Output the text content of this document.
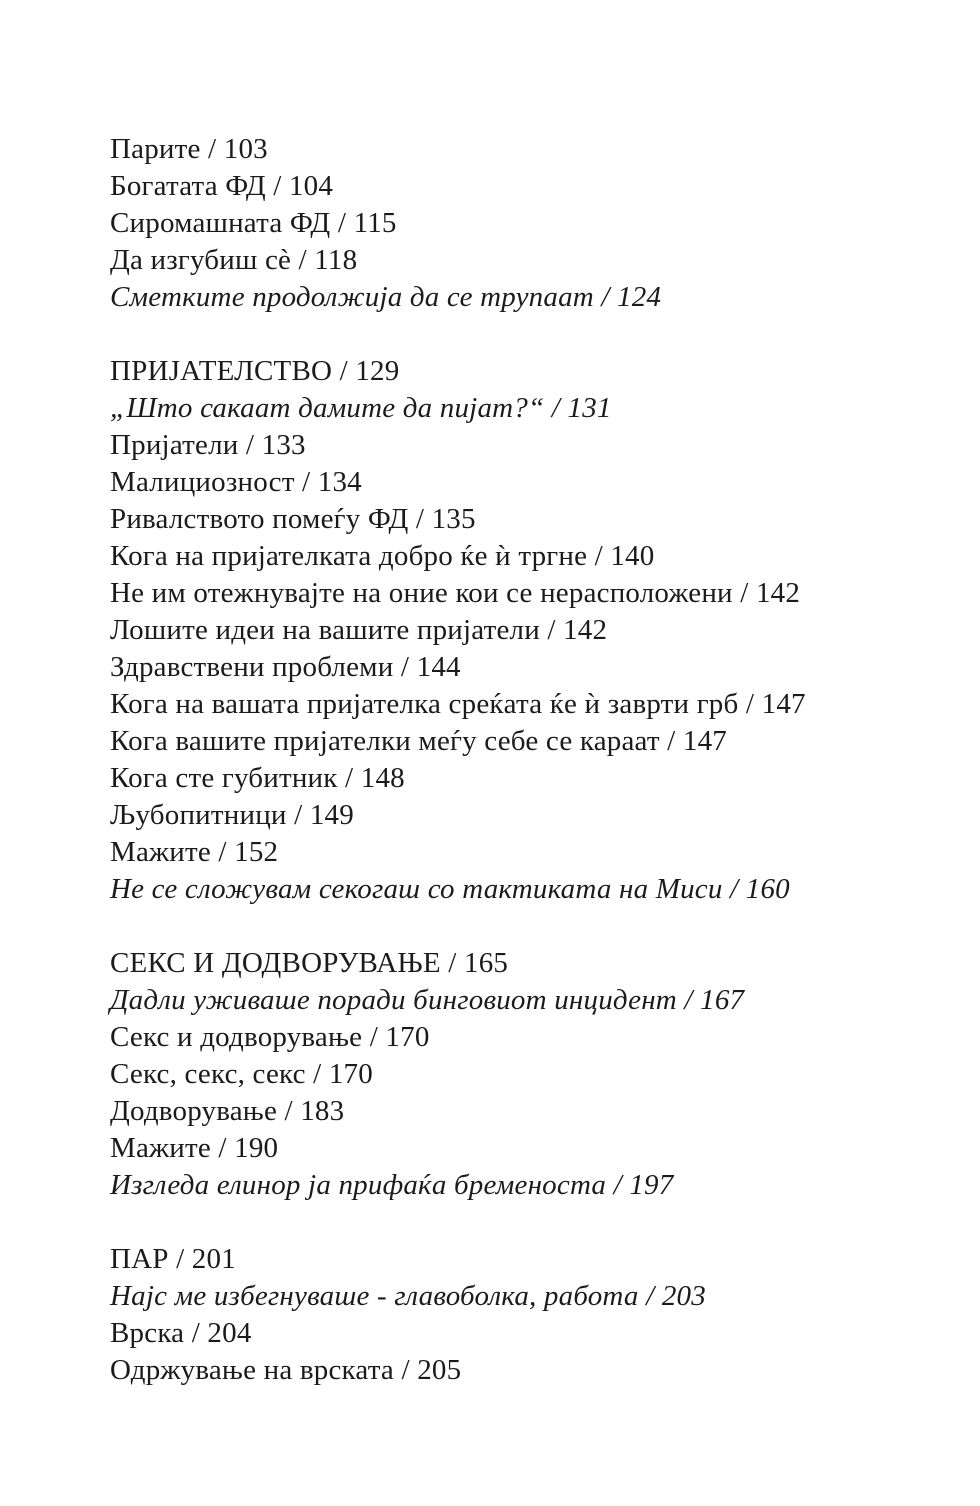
Парите / 103
Богатата ФД / 104
Сиромашната ФД / 115
Да изгубиш сè / 118
Сметките продолжија да се трупаат / 124
ПРИЈАТЕЛСТВО / 129
„Што сакаат дамите да пијат?“ / 131
Пријатели / 133
Малициозност / 134
Ривалството помеѓу ФД / 135
Кога на пријателката добро ќе ѝ тргне / 140
Не им отежнувајте на оние кои се нерасположени / 142
Лошите идеи на вашите пријатели / 142
Здравствени проблеми / 144
Кога на вашата пријателка среќата ќе ѝ заврти грб / 147
Кога вашите пријателки меѓу себе се караат / 147
Кога сте губитник / 148
Љубопитници / 149
Мажите / 152
Не се сложувам секогаш со тактиката на Миси / 160
СЕКС И ДОДВОРУВАЊЕ / 165
Дадли уживаше поради бинговиот инцидент / 167
Секс и додворување / 170
Секс, секс, секс / 170
Додворување / 183
Мажите / 190
Изгледа елинор ја прифаќа бременоста / 197
ПАР / 201
Најс ме избегнуваше - главоболка, работа / 203
Врска / 204
Одржување на врската / 205
